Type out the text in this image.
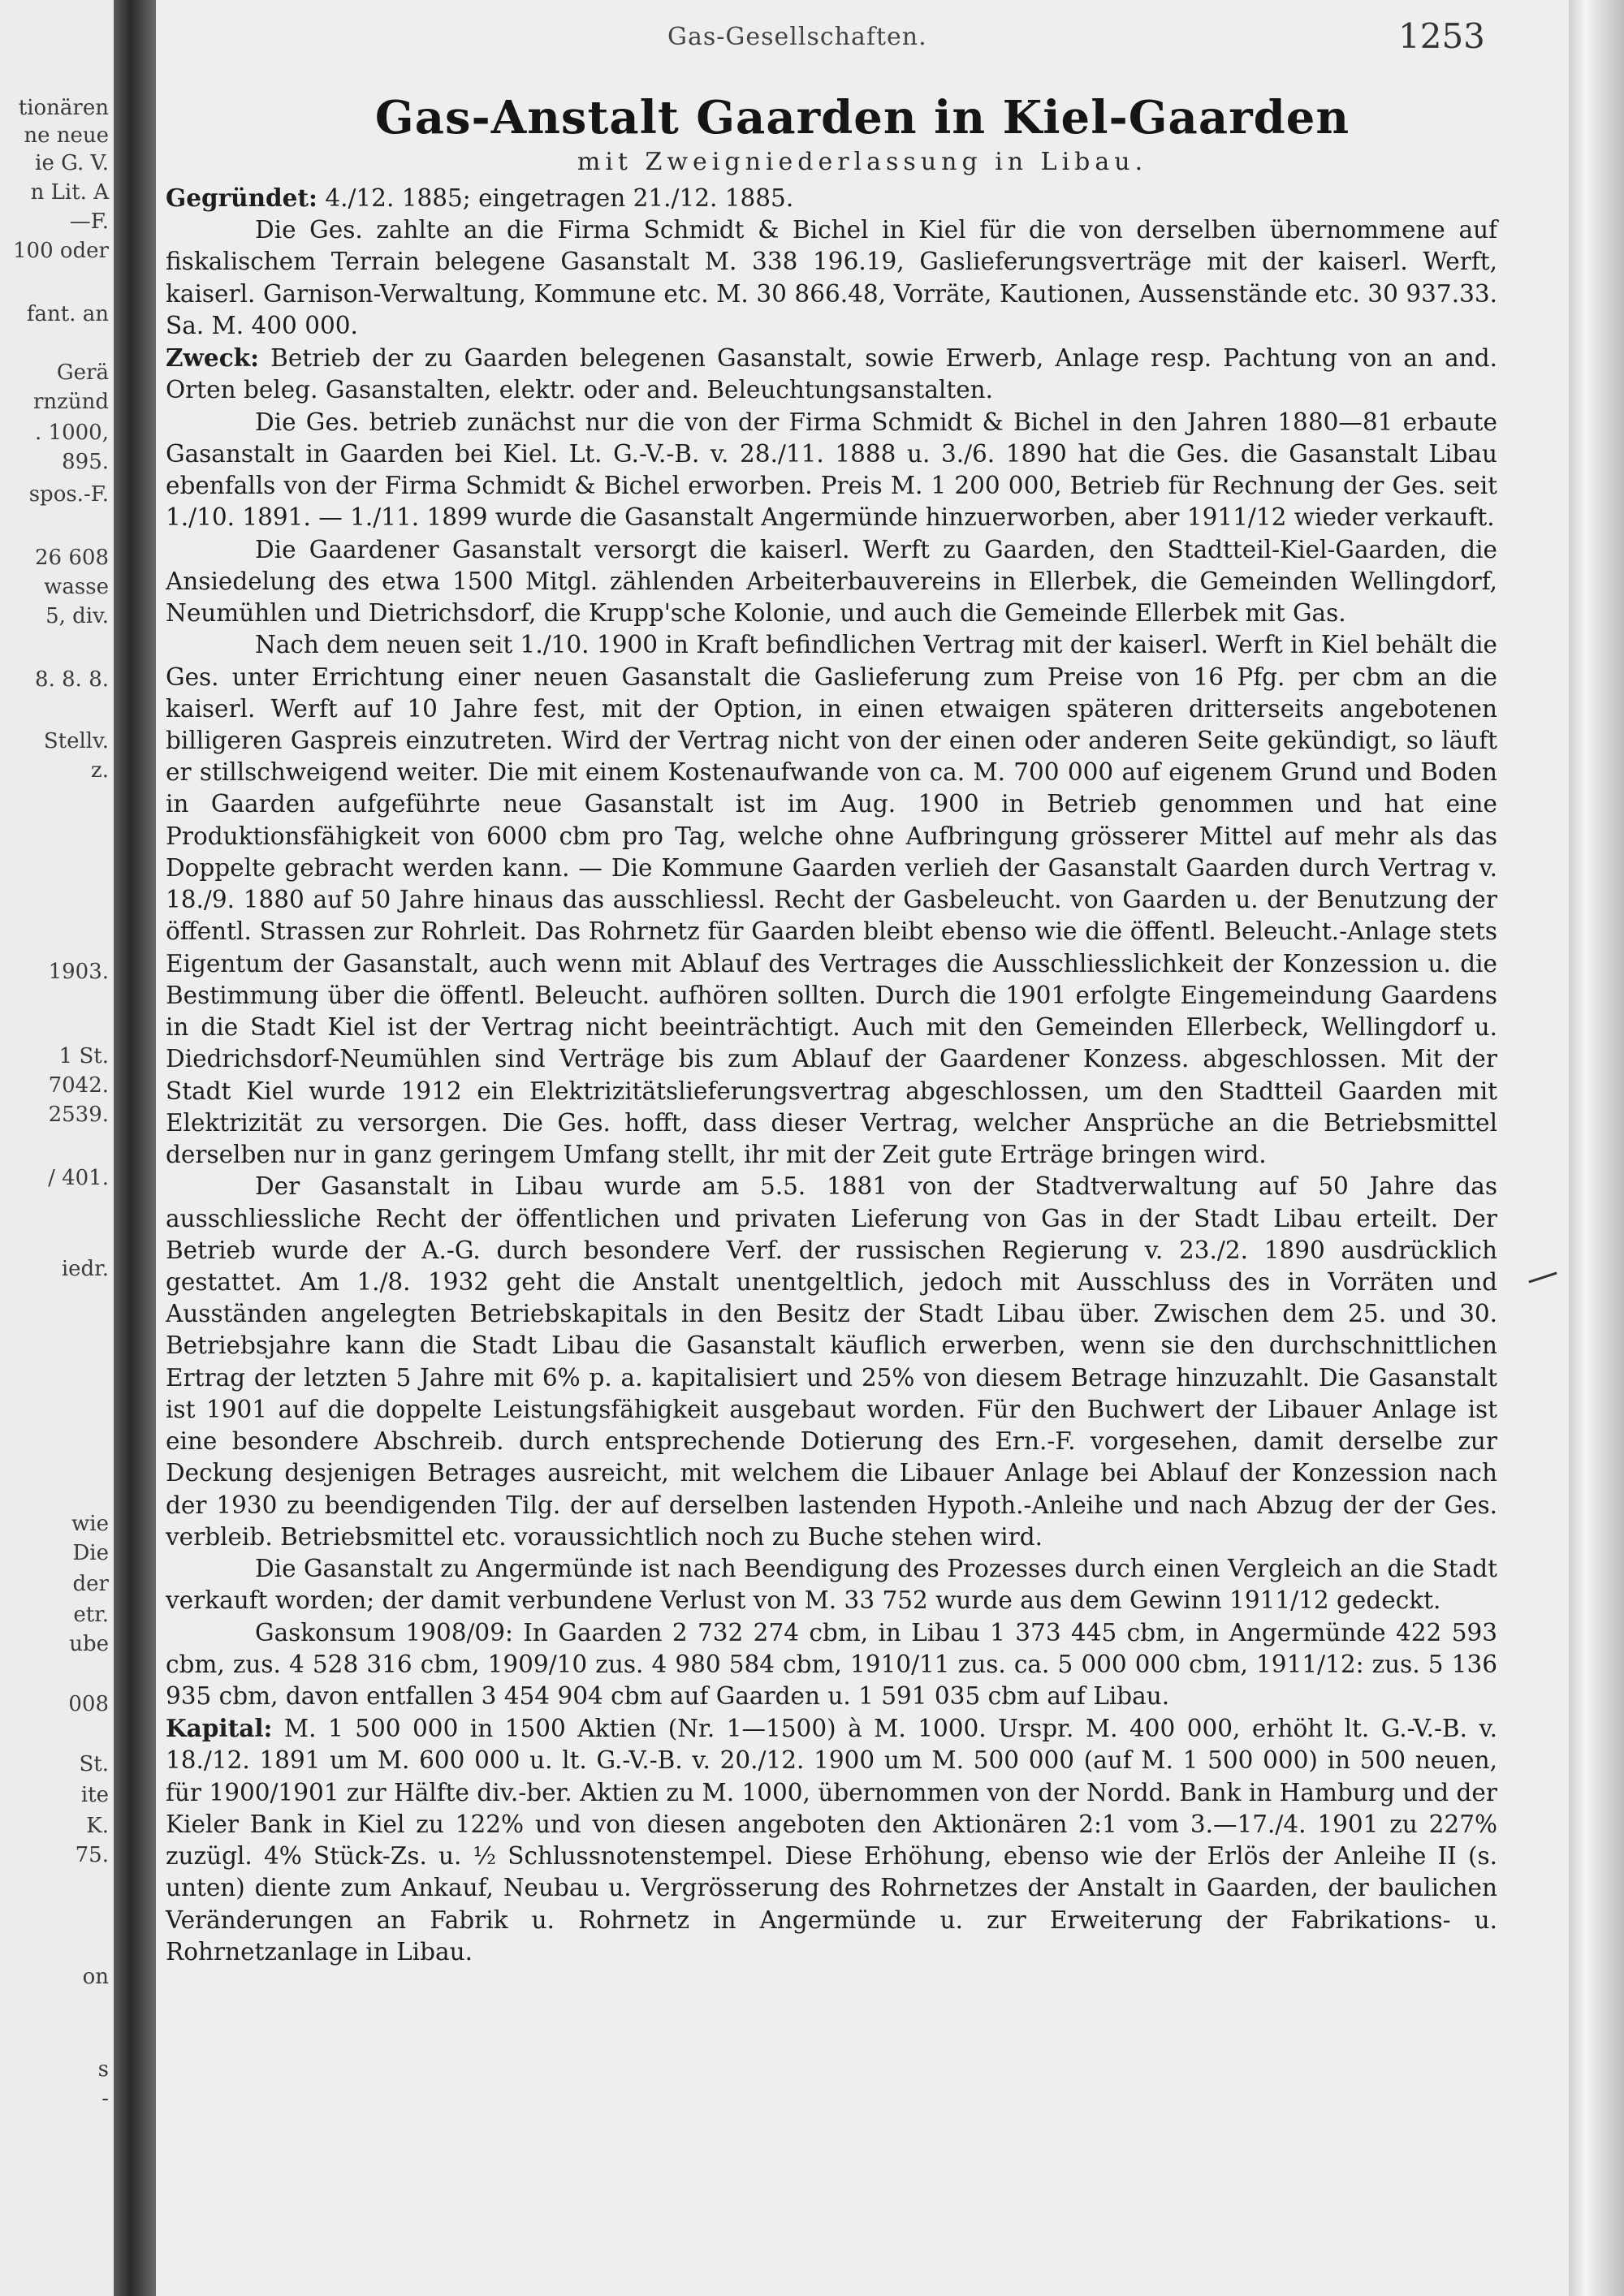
tionären
ne neue
ie G. V.
n Lit. A
—F.
100 oder
fant. an
Gerä
rnzünd
. 1000,
895.
spos.-F.
26 608
wasse
5, div.
8. 8. 8.
Stellv.
z.
1903.
1 St.
7042.
2539.
/ 401.
iedr.
wie
Die
der
etr.
ube
008
St.
ite
K.
75.
on
s
-
Gas-Gesellschaften.	1253
Gas-Anstalt Gaarden in Kiel-Gaarden
mit Zweigniederlassung in Libau.

Gegründet: 4./12. 1885; eingetragen 21./12. 1885.

Die Ges. zahlte an die Firma Schmidt & Bichel in Kiel für die von derselben übernommene auf fiskalischem Terrain belegene Gasanstalt M. 338 196.19, Gaslieferungsverträge mit der kaiserl. Werft, kaiserl. Garnison-Verwaltung, Kommune etc. M. 30 866.48, Vorräte, Kautionen, Aussenstände etc. 30 937.33. Sa. M. 400 000.

Zweck: Betrieb der zu Gaarden belegenen Gasanstalt, sowie Erwerb, Anlage resp. Pachtung von an and. Orten beleg. Gasanstalten, elektr. oder and. Beleuchtungsanstalten.

Die Ges. betrieb zunächst nur die von der Firma Schmidt & Bichel in den Jahren 1880—81 erbaute Gasanstalt in Gaarden bei Kiel. Lt. G.-V.-B. v. 28./11. 1888 u. 3./6. 1890 hat die Ges. die Gasanstalt Libau ebenfalls von der Firma Schmidt & Bichel erworben. Preis M. 1 200 000, Betrieb für Rechnung der Ges. seit 1./10. 1891. — 1./11. 1899 wurde die Gasanstalt Angermünde hinzuerworben, aber 1911/12 wieder verkauft.

Die Gaardener Gasanstalt versorgt die kaiserl. Werft zu Gaarden, den Stadtteil-Kiel-Gaarden, die Ansiedelung des etwa 1500 Mitgl. zählenden Arbeiterbauvereins in Ellerbek, die Gemeinden Wellingdorf, Neumühlen und Dietrichsdorf, die Krupp'sche Kolonie, und auch die Gemeinde Ellerbek mit Gas.

Nach dem neuen seit 1./10. 1900 in Kraft befindlichen Vertrag mit der kaiserl. Werft in Kiel behält die Ges. unter Errichtung einer neuen Gasanstalt die Gaslieferung zum Preise von 16 Pfg. per cbm an die kaiserl. Werft auf 10 Jahre fest, mit der Option, in einen etwaigen späteren dritterseits angebotenen billigeren Gaspreis einzutreten. Wird der Vertrag nicht von der einen oder anderen Seite gekündigt, so läuft er stillschweigend weiter. Die mit einem Kostenaufwande von ca. M. 700 000 auf eigenem Grund und Boden in Gaarden aufgeführte neue Gasanstalt ist im Aug. 1900 in Betrieb genommen und hat eine Produktionsfähigkeit von 6000 cbm pro Tag, welche ohne Aufbringung grösserer Mittel auf mehr als das Doppelte gebracht werden kann. — Die Kommune Gaarden verlieh der Gasanstalt Gaarden durch Vertrag v. 18./9. 1880 auf 50 Jahre hinaus das ausschliessl. Recht der Gasbeleucht. von Gaarden u. der Benutzung der öffentl. Strassen zur Rohrleit. Das Rohrnetz für Gaarden bleibt ebenso wie die öffentl. Beleucht.-Anlage stets Eigentum der Gasanstalt, auch wenn mit Ablauf des Vertrages die Ausschliesslichkeit der Konzession u. die Bestimmung über die öffentl. Beleucht. aufhören sollten. Durch die 1901 erfolgte Eingemeindung Gaardens in die Stadt Kiel ist der Vertrag nicht beeinträchtigt. Auch mit den Gemeinden Ellerbeck, Wellingdorf u. Diedrichsdorf-Neumühlen sind Verträge bis zum Ablauf der Gaardener Konzess. abgeschlossen. Mit der Stadt Kiel wurde 1912 ein Elektrizitätslieferungsvertrag abgeschlossen, um den Stadtteil Gaarden mit Elektrizität zu versorgen. Die Ges. hofft, dass dieser Vertrag, welcher Ansprüche an die Betriebsmittel derselben nur in ganz geringem Umfang stellt, ihr mit der Zeit gute Erträge bringen wird.

Der Gasanstalt in Libau wurde am 5.5. 1881 von der Stadtverwaltung auf 50 Jahre das ausschliessliche Recht der öffentlichen und privaten Lieferung von Gas in der Stadt Libau erteilt. Der Betrieb wurde der A.-G. durch besondere Verf. der russischen Regierung v. 23./2. 1890 ausdrücklich gestattet. Am 1./8. 1932 geht die Anstalt unentgeltlich, jedoch mit Ausschluss des in Vorräten und Ausständen angelegten Betriebskapitals in den Besitz der Stadt Libau über. Zwischen dem 25. und 30. Betriebsjahre kann die Stadt Libau die Gasanstalt käuflich erwerben, wenn sie den durchschnittlichen Ertrag der letzten 5 Jahre mit 6% p. a. kapitalisiert und 25% von diesem Betrage hinzuzahlt. Die Gasanstalt ist 1901 auf die doppelte Leistungsfähigkeit ausgebaut worden. Für den Buchwert der Libauer Anlage ist eine besondere Abschreib. durch entsprechende Dotierung des Ern.-F. vorgesehen, damit derselbe zur Deckung desjenigen Betrages ausreicht, mit welchem die Libauer Anlage bei Ablauf der Konzession nach der 1930 zu beendigenden Tilg. der auf derselben lastenden Hypoth.-Anleihe und nach Abzug der der Ges. verbleib. Betriebsmittel etc. voraussichtlich noch zu Buche stehen wird.

Die Gasanstalt zu Angermünde ist nach Beendigung des Prozesses durch einen Vergleich an die Stadt verkauft worden; der damit verbundene Verlust von M. 33 752 wurde aus dem Gewinn 1911/12 gedeckt.

Gaskonsum 1908/09: In Gaarden 2 732 274 cbm, in Libau 1 373 445 cbm, in Angermünde 422 593 cbm, zus. 4 528 316 cbm, 1909/10 zus. 4 980 584 cbm, 1910/11 zus. ca. 5 000 000 cbm, 1911/12: zus. 5 136 935 cbm, davon entfallen 3 454 904 cbm auf Gaarden u. 1 591 035 cbm auf Libau.

Kapital: M. 1 500 000 in 1500 Aktien (Nr. 1—1500) à M. 1000. Urspr. M. 400 000, erhöht lt. G.-V.-B. v. 18./12. 1891 um M. 600 000 u. lt. G.-V.-B. v. 20./12. 1900 um M. 500 000 (auf M. 1 500 000) in 500 neuen, für 1900/1901 zur Hälfte div.-ber. Aktien zu M. 1000, übernommen von der Nordd. Bank in Hamburg und der Kieler Bank in Kiel zu 122% und von diesen angeboten den Aktionären 2:1 vom 3.—17./4. 1901 zu 227% zuzügl. 4% Stück-Zs. u. ½ Schlussnotenstempel. Diese Erhöhung, ebenso wie der Erlös der Anleihe II (s. unten) diente zum Ankauf, Neubau u. Vergrösserung des Rohrnetzes der Anstalt in Gaarden, der baulichen Veränderungen an Fabrik u. Rohrnetz in Angermünde u. zur Erweiterung der Fabrikations- u. Rohrnetzanlage in Libau.
